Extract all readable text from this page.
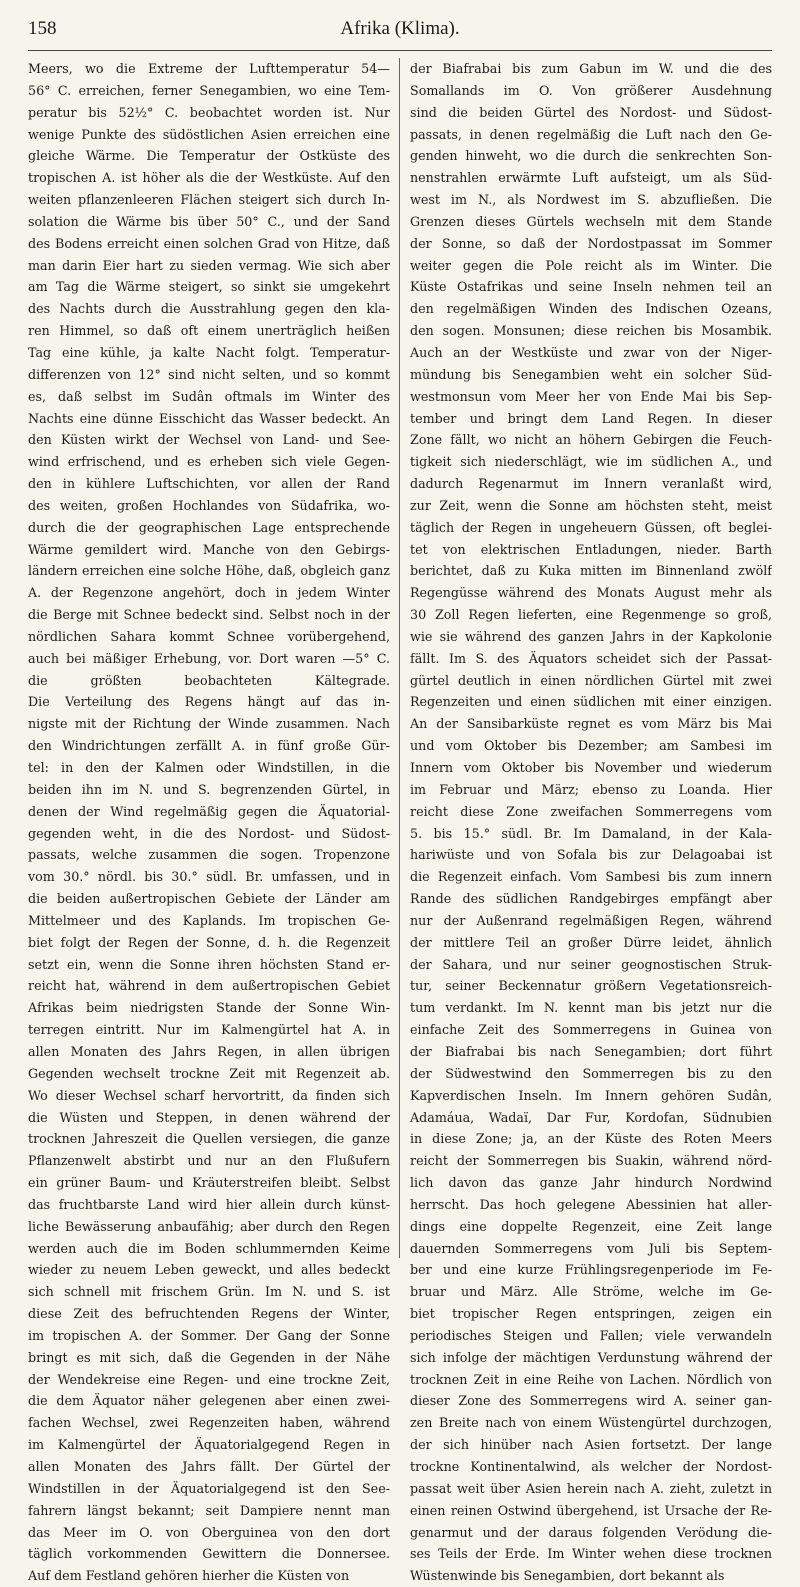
158	Afrika (Klima).
Meers, wo die Extreme der Lufttemperatur 54—
56° C. erreichen, ferner Senegambien, wo eine Tem-
peratur bis 52½° C. beobachtet worden ist. Nur
wenige Punkte des südöstlichen Asien erreichen eine
gleiche Wärme. Die Temperatur der Ostküste des
tropischen A. ist höher als die der Westküste. Auf den
weiten pflanzenleeren Flächen steigert sich durch In-
solation die Wärme bis über 50° C., und der Sand
des Bodens erreicht einen solchen Grad von Hitze, daß
man darin Eier hart zu sieden vermag. Wie sich aber
am Tag die Wärme steigert, so sinkt sie umgekehrt
des Nachts durch die Ausstrahlung gegen den kla-
ren Himmel, so daß oft einem unerträglich heißen
Tag eine kühle, ja kalte Nacht folgt. Temperatur-
differenzen von 12° sind nicht selten, und so kommt
es, daß selbst im Sudân oftmals im Winter des
Nachts eine dünne Eisschicht das Wasser bedeckt. An
den Küsten wirkt der Wechsel von Land- und See-
wind erfrischend, und es erheben sich viele Gegen-
den in kühlere Luftschichten, vor allen der Rand
des weiten, großen Hochlandes von Südafrika, wo-
durch die der geographischen Lage entsprechende
Wärme gemildert wird. Manche von den Gebirgs-
ländern erreichen eine solche Höhe, daß, obgleich ganz
A. der Regenzone angehört, doch in jedem Winter
die Berge mit Schnee bedeckt sind. Selbst noch in der
nördlichen Sahara kommt Schnee vorübergehend,
auch bei mäßiger Erhebung, vor. Dort waren —5° C.
die größten beobachteten Kältegrade.
Die Verteilung des Regens hängt auf das in-
nigste mit der Richtung der Winde zusammen. Nach
den Windrichtungen zerfällt A. in fünf große Gür-
tel: in den der Kalmen oder Windstillen, in die
beiden ihn im N. und S. begrenzenden Gürtel, in
denen der Wind regelmäßig gegen die Äquatorial-
gegenden weht, in die des Nordost- und Südost-
passats, welche zusammen die sogen. Tropenzone
vom 30.° nördl. bis 30.° südl. Br. umfassen, und in
die beiden außertropischen Gebiete der Länder am
Mittelmeer und des Kaplands. Im tropischen Ge-
biet folgt der Regen der Sonne, d. h. die Regenzeit
setzt ein, wenn die Sonne ihren höchsten Stand er-
reicht hat, während in dem außertropischen Gebiet
Afrikas beim niedrigsten Stande der Sonne Win-
terregen eintritt. Nur im Kalmengürtel hat A. in
allen Monaten des Jahrs Regen, in allen übrigen
Gegenden wechselt trockne Zeit mit Regenzeit ab.
Wo dieser Wechsel scharf hervortritt, da finden sich
die Wüsten und Steppen, in denen während der
trocknen Jahreszeit die Quellen versiegen, die ganze
Pflanzenwelt abstirbt und nur an den Flußufern
ein grüner Baum- und Kräuterstreifen bleibt. Selbst
das fruchtbarste Land wird hier allein durch künst-
liche Bewässerung anbaufähig; aber durch den Regen
werden auch die im Boden schlummernden Keime
wieder zu neuem Leben geweckt, und alles bedeckt
sich schnell mit frischem Grün. Im N. und S. ist
diese Zeit des befruchtenden Regens der Winter,
im tropischen A. der Sommer. Der Gang der Sonne
bringt es mit sich, daß die Gegenden in der Nähe
der Wendekreise eine Regen- und eine trockne Zeit,
die dem Äquator näher gelegenen aber einen zwei-
fachen Wechsel, zwei Regenzeiten haben, während
im Kalmengürtel der Äquatorialgegend Regen in
allen Monaten des Jahrs fällt. Der Gürtel der
Windstillen in der Äquatorialgegend ist den See-
fahrern längst bekannt; seit Dampiere nennt man
das Meer im O. von Oberguinea von den dort
täglich vorkommenden Gewittern die Donnersee.
Auf dem Festland gehören hierher die Küsten von
der Biafrabai bis zum Gabun im W. und die des
Somallands im O. Von größerer Ausdehnung
sind die beiden Gürtel des Nordost- und Südost-
passats, in denen regelmäßig die Luft nach den Ge-
genden hinweht, wo die durch die senkrechten Son-
nenstrahlen erwärmte Luft aufsteigt, um als Süd-
west im N., als Nordwest im S. abzufließen. Die
Grenzen dieses Gürtels wechseln mit dem Stande
der Sonne, so daß der Nordostpassat im Sommer
weiter gegen die Pole reicht als im Winter. Die
Küste Ostafrikas und seine Inseln nehmen teil an
den regelmäßigen Winden des Indischen Ozeans,
den sogen. Monsunen; diese reichen bis Mosambik.
Auch an der Westküste und zwar von der Niger-
mündung bis Senegambien weht ein solcher Süd-
westmonsun vom Meer her von Ende Mai bis Sep-
tember und bringt dem Land Regen. In dieser
Zone fällt, wo nicht an höhern Gebirgen die Feuch-
tigkeit sich niederschlägt, wie im südlichen A., und
dadurch Regenarmut im Innern veranlaßt wird,
zur Zeit, wenn die Sonne am höchsten steht, meist
täglich der Regen in ungeheuern Güssen, oft beglei-
tet von elektrischen Entladungen, nieder. Barth
berichtet, daß zu Kuka mitten im Binnenland zwölf
Regengüsse während des Monats August mehr als
30 Zoll Regen lieferten, eine Regenmenge so groß,
wie sie während des ganzen Jahrs in der Kapkolonie
fällt. Im S. des Äquators scheidet sich der Passat-
gürtel deutlich in einen nördlichen Gürtel mit zwei
Regenzeiten und einen südlichen mit einer einzigen.
An der Sansibarküste regnet es vom März bis Mai
und vom Oktober bis Dezember; am Sambesi im
Innern vom Oktober bis November und wiederum
im Februar und März; ebenso zu Loanda. Hier
reicht diese Zone zweifachen Sommerregens vom
5. bis 15.° südl. Br. Im Damaland, in der Kala-
hariwüste und von Sofala bis zur Delagoabai ist
die Regenzeit einfach. Vom Sambesi bis zum innern
Rande des südlichen Randgebirges empfängt aber
nur der Außenrand regelmäßigen Regen, während
der mittlere Teil an großer Dürre leidet, ähnlich
der Sahara, und nur seiner geognostischen Struk-
tur, seiner Beckennatur größern Vegetationsreich-
tum verdankt. Im N. kennt man bis jetzt nur die
einfache Zeit des Sommerregens in Guinea von
der Biafrabai bis nach Senegambien; dort führt
der Südwestwind den Sommerregen bis zu den
Kapverdischen Inseln. Im Innern gehören Sudân,
Adamáua, Wadaï, Dar Fur, Kordofan, Südnubien
in diese Zone; ja, an der Küste des Roten Meers
reicht der Sommerregen bis Suakin, während nörd-
lich davon das ganze Jahr hindurch Nordwind
herrscht. Das hoch gelegene Abessinien hat aller-
dings eine doppelte Regenzeit, eine Zeit lange
dauernden Sommerregens vom Juli bis Septem-
ber und eine kurze Frühlingsregenperiode im Fe-
bruar und März. Alle Ströme, welche im Ge-
biet tropischer Regen entspringen, zeigen ein
periodisches Steigen und Fallen; viele verwandeln
sich infolge der mächtigen Verdunstung während der
trocknen Zeit in eine Reihe von Lachen. Nördlich von
dieser Zone des Sommerregens wird A. seiner gan-
zen Breite nach von einem Wüstengürtel durchzogen,
der sich hinüber nach Asien fortsetzt. Der lange
trockne Kontinentalwind, als welcher der Nordost-
passat weit über Asien herein nach A. zieht, zuletzt in
einen reinen Ostwind übergehend, ist Ursache der Re-
genarmut und der daraus folgenden Verödung die-
ses Teils der Erde. Im Winter wehen diese trocknen
Wüstenwinde bis Senegambien, dort bekannt als
